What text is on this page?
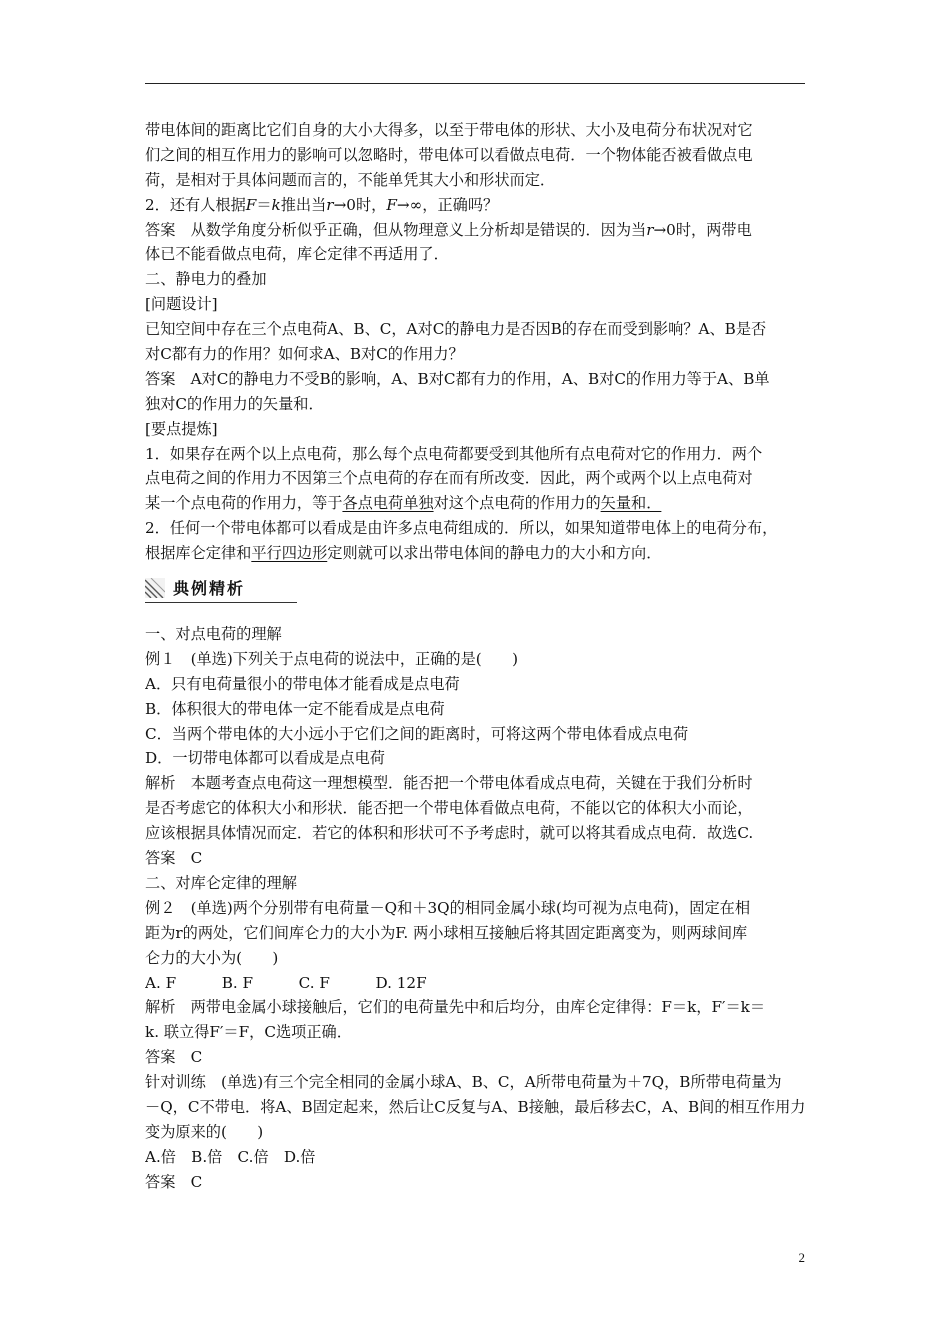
带电体间的距离比它们自身的大小大得多，以至于带电体的形状、大小及电荷分布状况对它
们之间的相互作用力的影响可以忽略时，带电体可以看做点电荷．一个物体能否被看做点电
荷，是相对于具体问题而言的，不能单凭其大小和形状而定．
2．还有人根据F＝k推出当r→0时，F→∞，正确吗？
答案　从数学角度分析似乎正确，但从物理意义上分析却是错误的．因为当r→0时，两带电
体已不能看做点电荷，库仑定律不再适用了．
二、静电力的叠加
[问题设计]
已知空间中存在三个点电荷A、B、C，A对C的静电力是否因B的存在而受到影响？A、B是否
对C都有力的作用？如何求A、B对C的作用力？
答案　A对C的静电力不受B的影响，A、B对C都有力的作用，A、B对C的作用力等于A、B单
独对C的作用力的矢量和．
[要点提炼]
1．如果存在两个以上点电荷，那么每个点电荷都要受到其他所有点电荷对它的作用力．两个
点电荷之间的作用力不因第三个点电荷的存在而有所改变．因此，两个或两个以上点电荷对
某一个点电荷的作用力，等于各点电荷单独对这个点电荷的作用力的矢量和．
2．任何一个带电体都可以看成是由许多点电荷组成的．所以，如果知道带电体上的电荷分布，
根据库仑定律和平行四边形定则就可以求出带电体间的静电力的大小和方向．
典例精析
一、对点电荷的理解
例１　(单选)下列关于点电荷的说法中，正确的是(　　)
A．只有电荷量很小的带电体才能看成是点电荷
B．体积很大的带电体一定不能看成是点电荷
C．当两个带电体的大小远小于它们之间的距离时，可将这两个带电体看成点电荷
D．一切带电体都可以看成是点电荷
解析　本题考查点电荷这一理想模型．能否把一个带电体看成点电荷，关键在于我们分析时
是否考虑它的体积大小和形状．能否把一个带电体看做点电荷，不能以它的体积大小而论，
应该根据具体情况而定．若它的体积和形状可不予考虑时，就可以将其看成点电荷．故选C.
答案　C
二、对库仑定律的理解
例２　(单选)两个分别带有电荷量－Q和＋3Q的相同金属小球(均可视为点电荷)，固定在相
距为r的两处，它们间库仑力的大小为F. 两小球相互接触后将其固定距离变为，则两球间库
仑力的大小为(　　)
A. F　　　B. F　　　C. F　　　D. 12F
解析　两带电金属小球接触后，它们的电荷量先中和后均分，由库仑定律得：F＝k，F′＝k＝
k. 联立得F′＝F，C选项正确．
答案　C
针对训练　(单选)有三个完全相同的金属小球A、B、C，A所带电荷量为＋7Q，B所带电荷量为
－Q，C不带电．将A、B固定起来，然后让C反复与A、B接触，最后移去C，A、B间的相互作用力
变为原来的(　　)
A.倍　B.倍　C.倍　D.倍
答案　C
2
